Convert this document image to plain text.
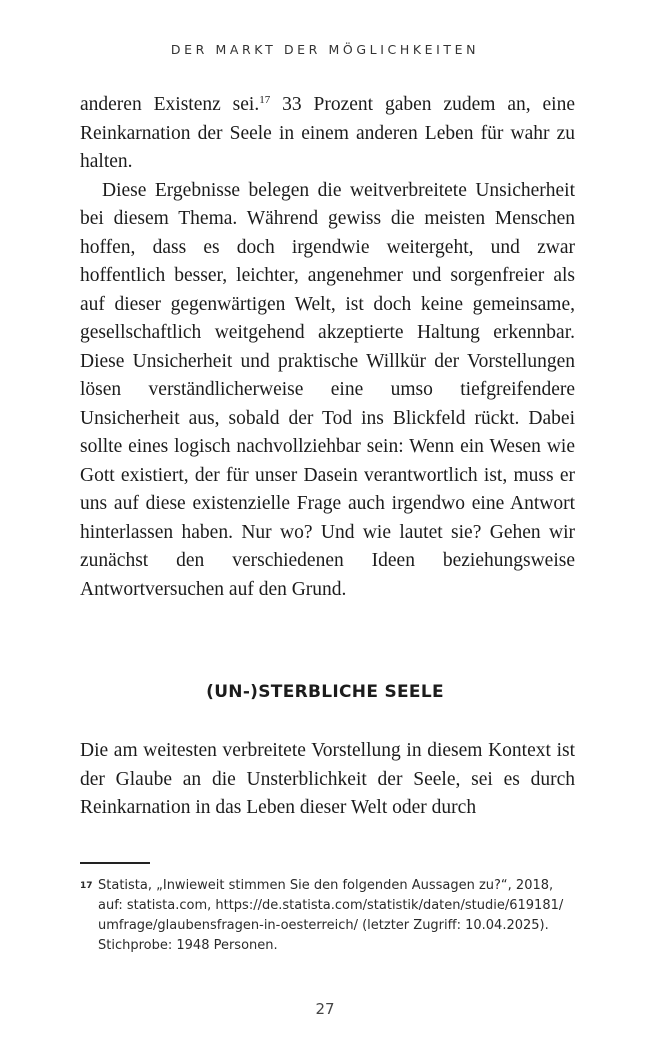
DER MARKT DER MÖGLICHKEITEN

anderen Existenz sei.$^{17}$ 33 Prozent gaben zudem an, eine Reinkarnation der Seele in einem anderen Leben für wahr zu halten.

Diese Ergebnisse belegen die weitverbreitete Unsicherheit bei diesem Thema. Während gewiss die meisten Menschen hoffen, dass es doch irgendwie weitergeht, und zwar hoffentlich besser, leichter, angenehmer und sorgenfreier als auf dieser gegenwärtigen Welt, ist doch keine gemeinsame, gesellschaftlich weitgehend akzeptierte Haltung erkennbar. Diese Unsicherheit und praktische Willkür der Vorstellungen lösen verständlicherweise eine umso tiefgreifendere Unsicherheit aus, sobald der Tod ins Blickfeld rückt. Dabei sollte eines logisch nachvollziehbar sein: Wenn ein Wesen wie Gott existiert, der für unser Dasein verantwortlich ist, muss er uns auf diese existenzielle Frage auch irgendwo eine Antwort hinterlassen haben. Nur wo? Und wie lautet sie? Gehen wir zunächst den verschiedenen Ideen beziehungsweise Antwortversuchen auf den Grund.

(UN-)STERBLICHE SEELE

Die am weitesten verbreitete Vorstellung in diesem Kontext ist der Glaube an die Unsterblichkeit der Seele, sei es durch Reinkarnation in das Leben dieser Welt oder durch

17 Statista, „Inwieweit stimmen Sie den folgenden Aussagen zu?“, 2018, auf: statista.com, https://de.statista.com/statistik/daten/studie/619181/ umfrage/glaubensfragen-in-oesterreich/ (letzter Zugriff: 10.04.2025). Stichprobe: 1948 Personen.
27
